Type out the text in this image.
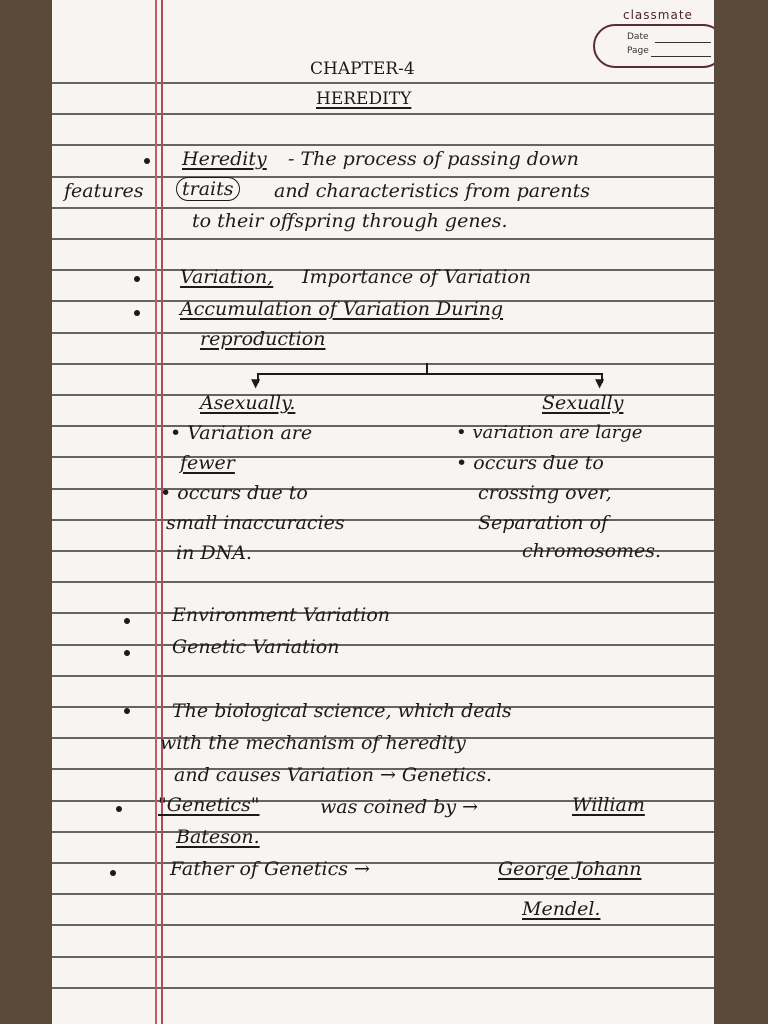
classmate
Date
Page
CHAPTER-4
HEREDITY
Heredity - The process of passing down
features	traits	and characteristics from parents
to their offspring through genes.
Variation, Importance of Variation
Accumulation of Variation During
reproduction
▼	▼
Asexually.
• Variation are
fewer
• occurs due to
small inaccuracies
in DNA.
Sexually
• variation are large
• occurs due to
crossing over,
Separation of
chromosomes.
Environment Variation
Genetic Variation
The biological science, which deals
with the mechanism of heredity
and causes Variation → Genetics.
"Genetics"	was coined by →	William
Bateson.
Father of Genetics →	George Johann
Mendel.
